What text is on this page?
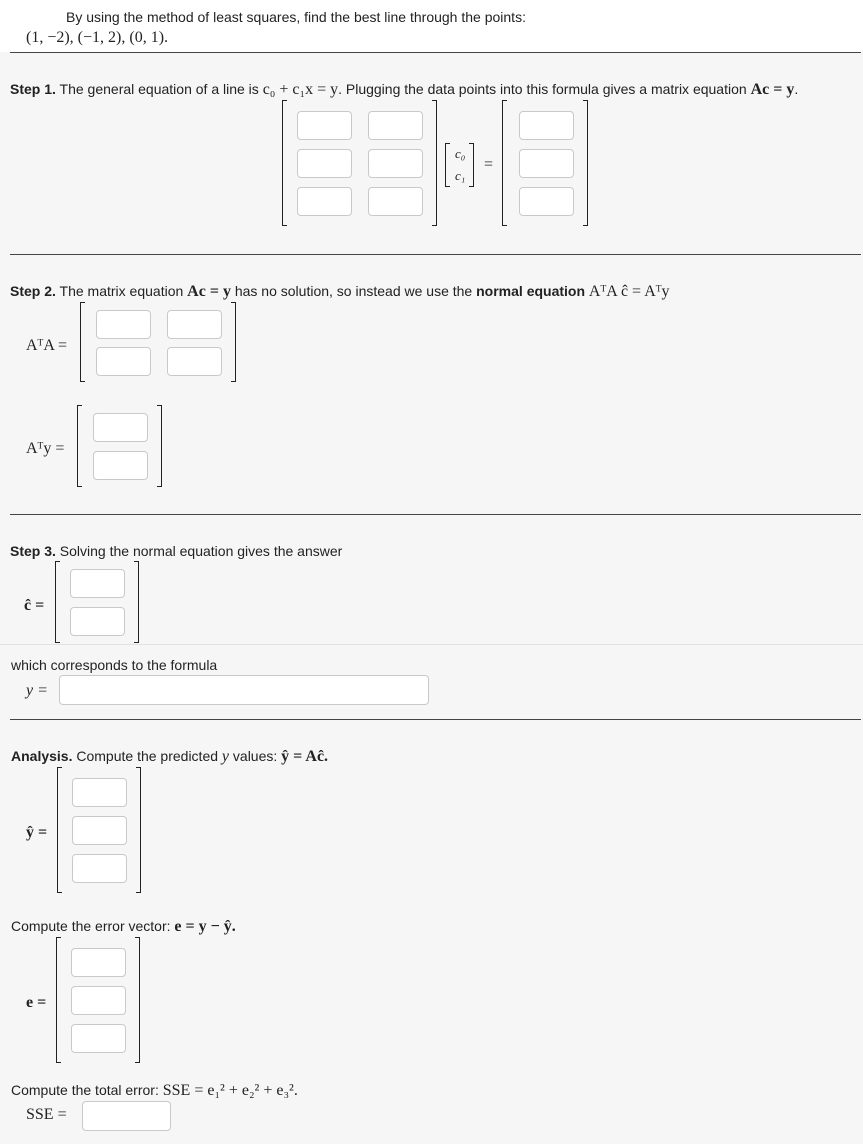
By using the method of least squares, find the best line through the points:
(1, −2), (−1, 2), (0, 1).
Step 1. The general equation of a line is c₀ + c₁x = y. Plugging the data points into this formula gives a matrix equation Ac = y.
c₀
c₁
=
Step 2. The matrix equation Ac = y has no solution, so instead we use the normal equation AᵀA ĉ = Aᵀy
AᵀA =
Aᵀy =
Step 3. Solving the normal equation gives the answer
ĉ =
which corresponds to the formula
y =
Analysis. Compute the predicted y values: ŷ = Aĉ.
ŷ =
Compute the error vector: e = y − ŷ.
e =
Compute the total error: SSE = e₁² + e₂² + e₃².
SSE =
